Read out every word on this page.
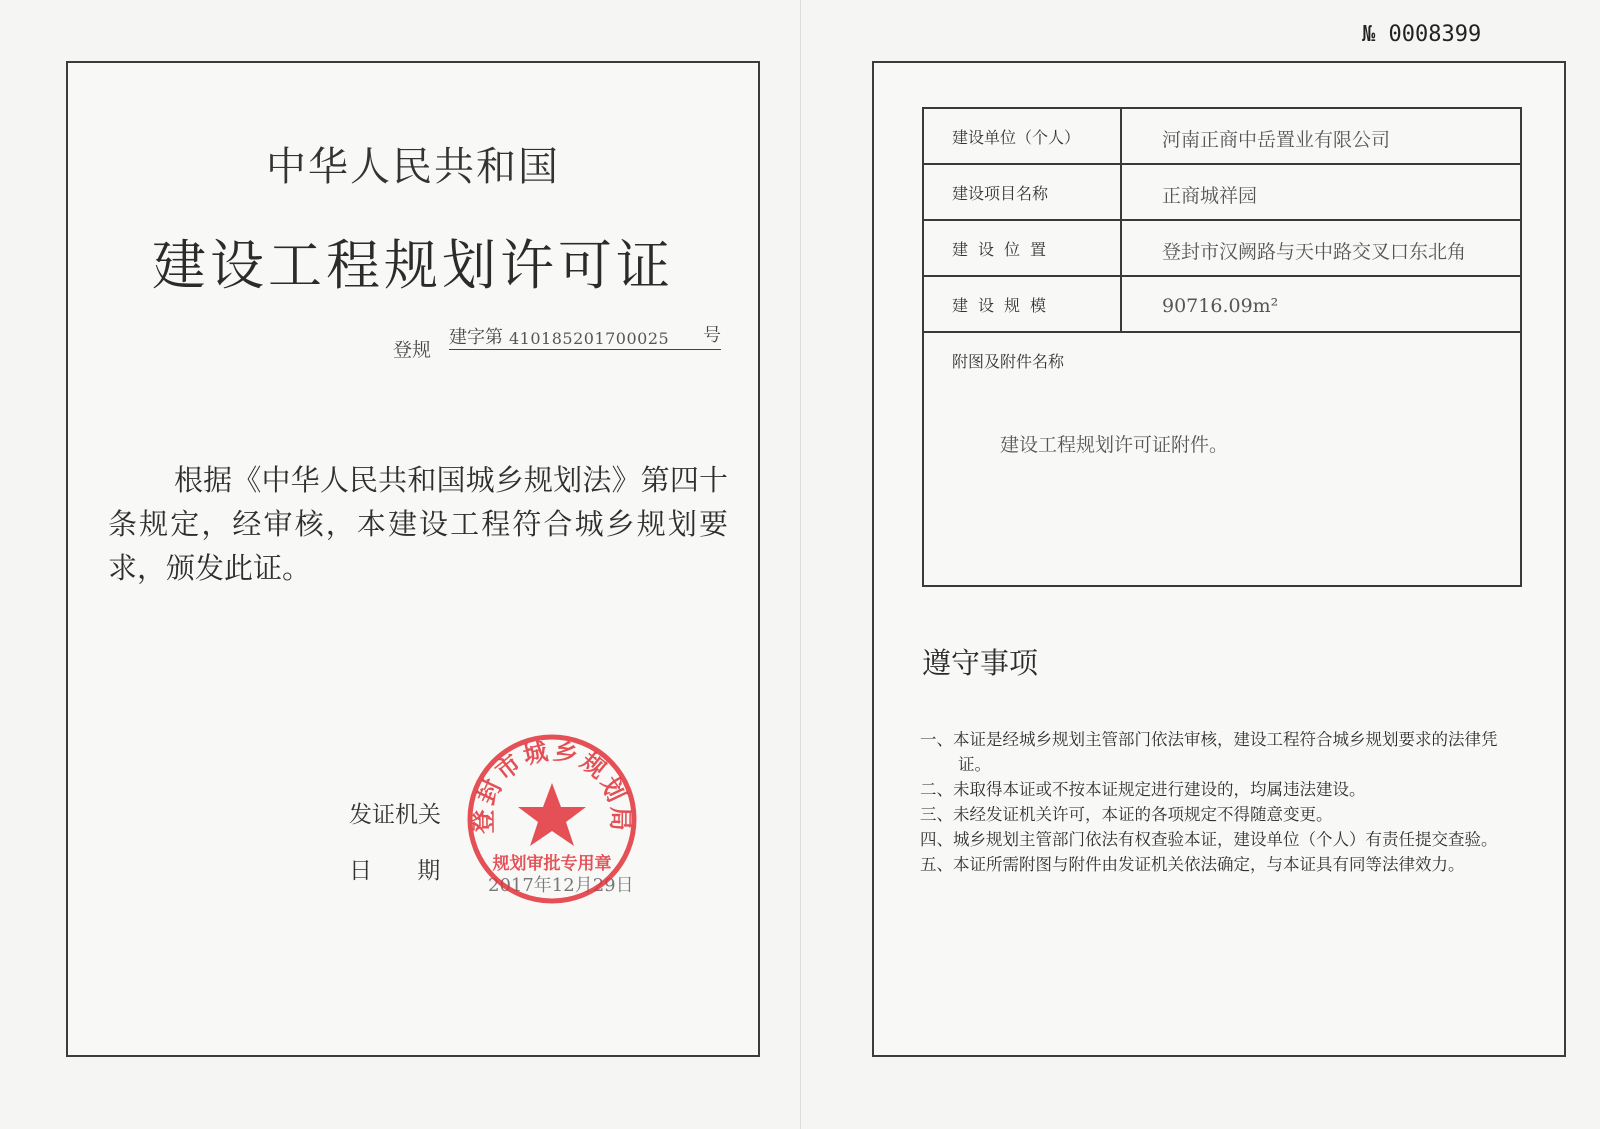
中华人民共和国
建设工程规划许可证
登规
建字第 410185201700025 号
根据《中华人民共和国城乡规划法》第四十条规定，经审核，本建设工程符合城乡规划要求，颁发此证。
发证机关
日 期
2017年12月29日
登封市城乡规划局
规划审批专用章
№ 0008399
建设单位（个人）	河南正商中岳置业有限公司
建设项目名称	正商城祥园
建设位置	登封市汉阙路与天中路交叉口东北角
建设规模	90716.09m²

附图及附件名称
建设工程规划许可证附件。	
遵守事项
一、本证是经城乡规划主管部门依法审核，建设工程符合城乡规划要求的法律凭证。
二、未取得本证或不按本证规定进行建设的，均属违法建设。
三、未经发证机关许可，本证的各项规定不得随意变更。
四、城乡规划主管部门依法有权查验本证，建设单位（个人）有责任提交查验。
五、本证所需附图与附件由发证机关依法确定，与本证具有同等法律效力。
